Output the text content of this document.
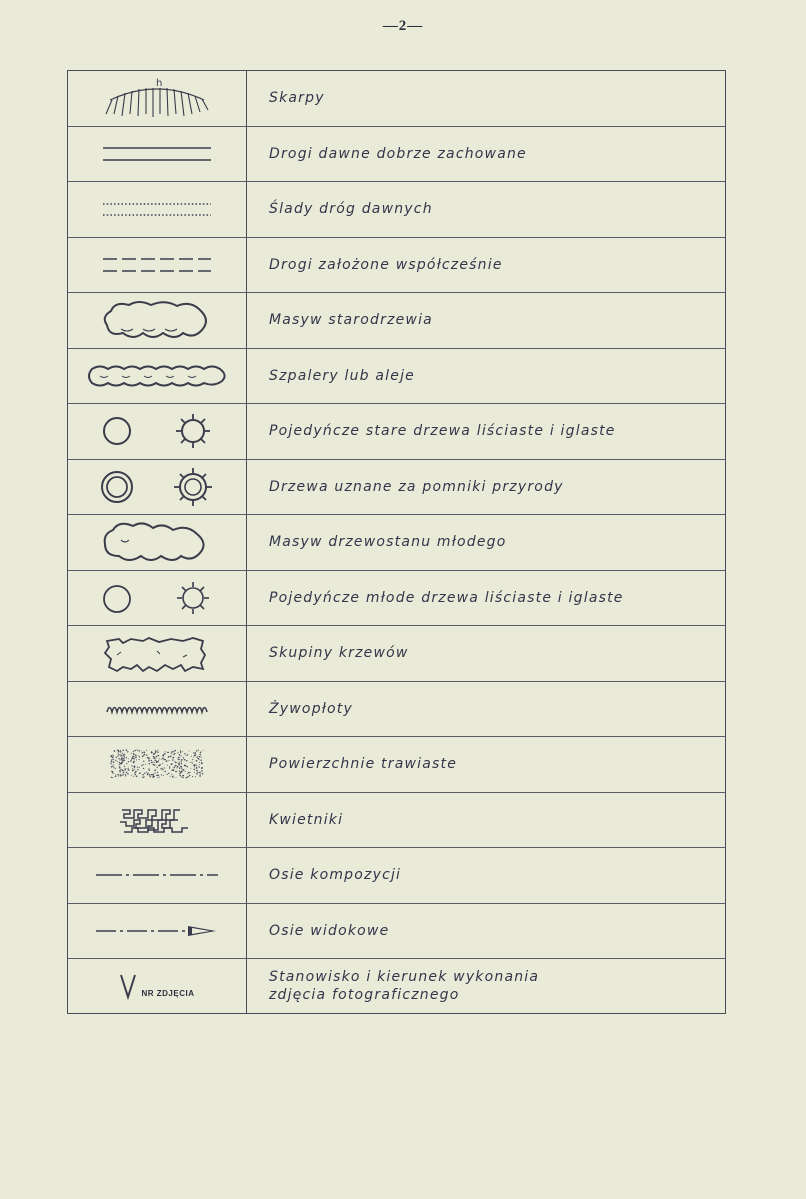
—2—
h
Skarpy
Drogi dawne dobrze zachowane
Ślady dróg dawnych
Drogi założone współcześnie
Masyw starodrzewia
Szpalery lub aleje
Pojedyńcze stare drzewa liściaste i iglaste
Drzewa uznane za pomniki przyrody
Masyw drzewostanu młodego
Pojedyńcze młode drzewa liściaste i iglaste
Skupiny krzewów
Żywopłoty
Powierzchnie trawiaste
Kwietniki
Osie kompozycji
Osie widokowe
NR ZDJĘCIA
Stanowisko i kierunek wykonania
zdjęcia fotograficznego
